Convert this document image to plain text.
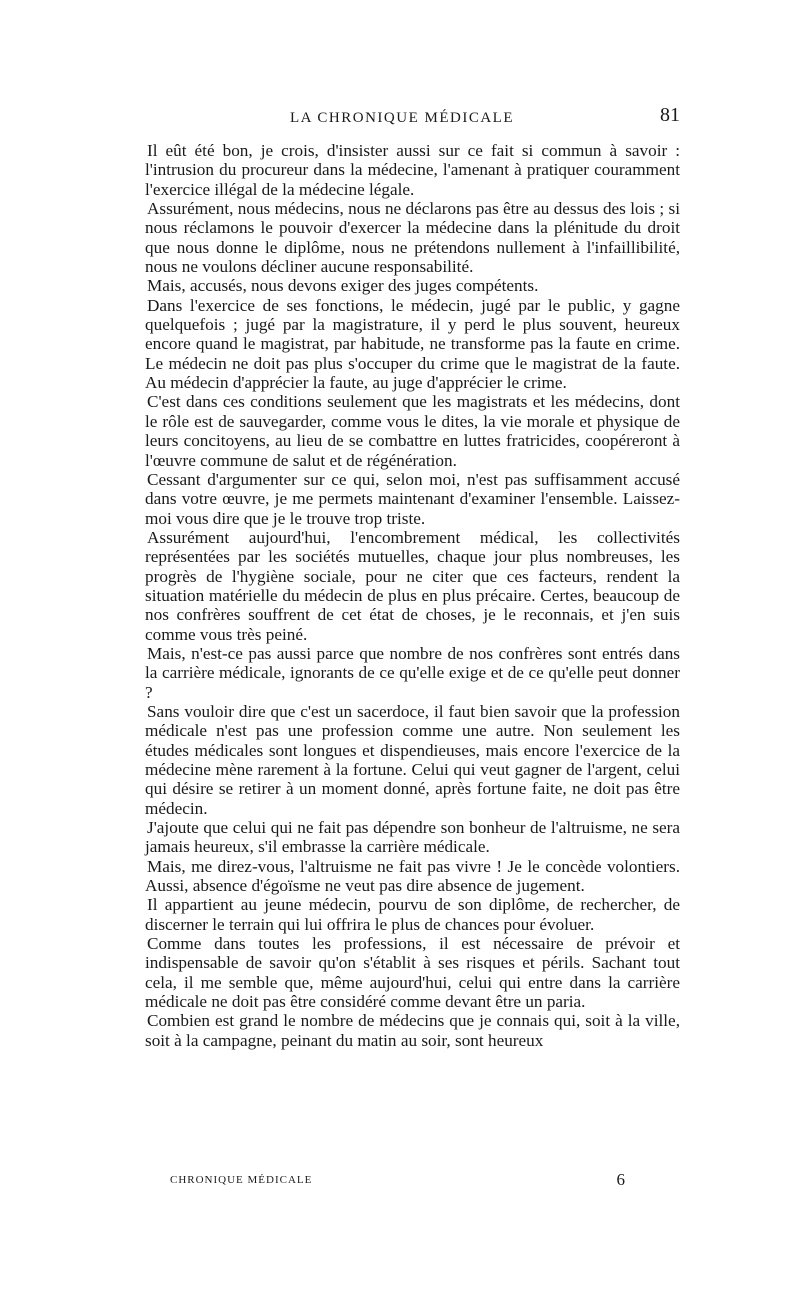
LA CHRONIQUE MÉDICALE	81

Il eût été bon, je crois, d'insister aussi sur ce fait si commun à savoir : l'intrusion du procureur dans la médecine, l'amenant à pratiquer couramment l'exercice illégal de la médecine légale.

Assurément, nous médecins, nous ne déclarons pas être au dessus des lois ; si nous réclamons le pouvoir d'exercer la médecine dans la plénitude du droit que nous donne le diplôme, nous ne prétendons nullement à l'infaillibilité, nous ne voulons décliner aucune responsabilité.

Mais, accusés, nous devons exiger des juges compétents.

Dans l'exercice de ses fonctions, le médecin, jugé par le public, y gagne quelquefois ; jugé par la magistrature, il y perd le plus souvent, heureux encore quand le magistrat, par habitude, ne transforme pas la faute en crime. Le médecin ne doit pas plus s'occuper du crime que le magistrat de la faute. Au médecin d'apprécier la faute, au juge d'apprécier le crime.

C'est dans ces conditions seulement que les magistrats et les médecins, dont le rôle est de sauvegarder, comme vous le dites, la vie morale et physique de leurs concitoyens, au lieu de se combattre en luttes fratricides, coopéreront à l'œuvre commune de salut et de régénération.

Cessant d'argumenter sur ce qui, selon moi, n'est pas suffisamment accusé dans votre œuvre, je me permets maintenant d'examiner l'ensemble. Laissez-moi vous dire que je le trouve trop triste.

Assurément aujourd'hui, l'encombrement médical, les collectivités représentées par les sociétés mutuelles, chaque jour plus nombreuses, les progrès de l'hygiène sociale, pour ne citer que ces facteurs, rendent la situation matérielle du médecin de plus en plus précaire. Certes, beaucoup de nos confrères souffrent de cet état de choses, je le reconnais, et j'en suis comme vous très peiné.

Mais, n'est-ce pas aussi parce que nombre de nos confrères sont entrés dans la carrière médicale, ignorants de ce qu'elle exige et de ce qu'elle peut donner ?

Sans vouloir dire que c'est un sacerdoce, il faut bien savoir que la profession médicale n'est pas une profession comme une autre. Non seulement les études médicales sont longues et dispendieuses, mais encore l'exercice de la médecine mène rarement à la fortune. Celui qui veut gagner de l'argent, celui qui désire se retirer à un moment donné, après fortune faite, ne doit pas être médecin.

J'ajoute que celui qui ne fait pas dépendre son bonheur de l'altruisme, ne sera jamais heureux, s'il embrasse la carrière médicale.

Mais, me direz-vous, l'altruisme ne fait pas vivre ! Je le concède volontiers. Aussi, absence d'égoïsme ne veut pas dire absence de jugement.

Il appartient au jeune médecin, pourvu de son diplôme, de rechercher, de discerner le terrain qui lui offrira le plus de chances pour évoluer.

Comme dans toutes les professions, il est nécessaire de prévoir et indispensable de savoir qu'on s'établit à ses risques et périls. Sachant tout cela, il me semble que, même aujourd'hui, celui qui entre dans la carrière médicale ne doit pas être considéré comme devant être un paria.

Combien est grand le nombre de médecins que je connais qui, soit à la ville, soit à la campagne, peinant du matin au soir, sont heureux

CHRONIQUE MÉDICALE	6
